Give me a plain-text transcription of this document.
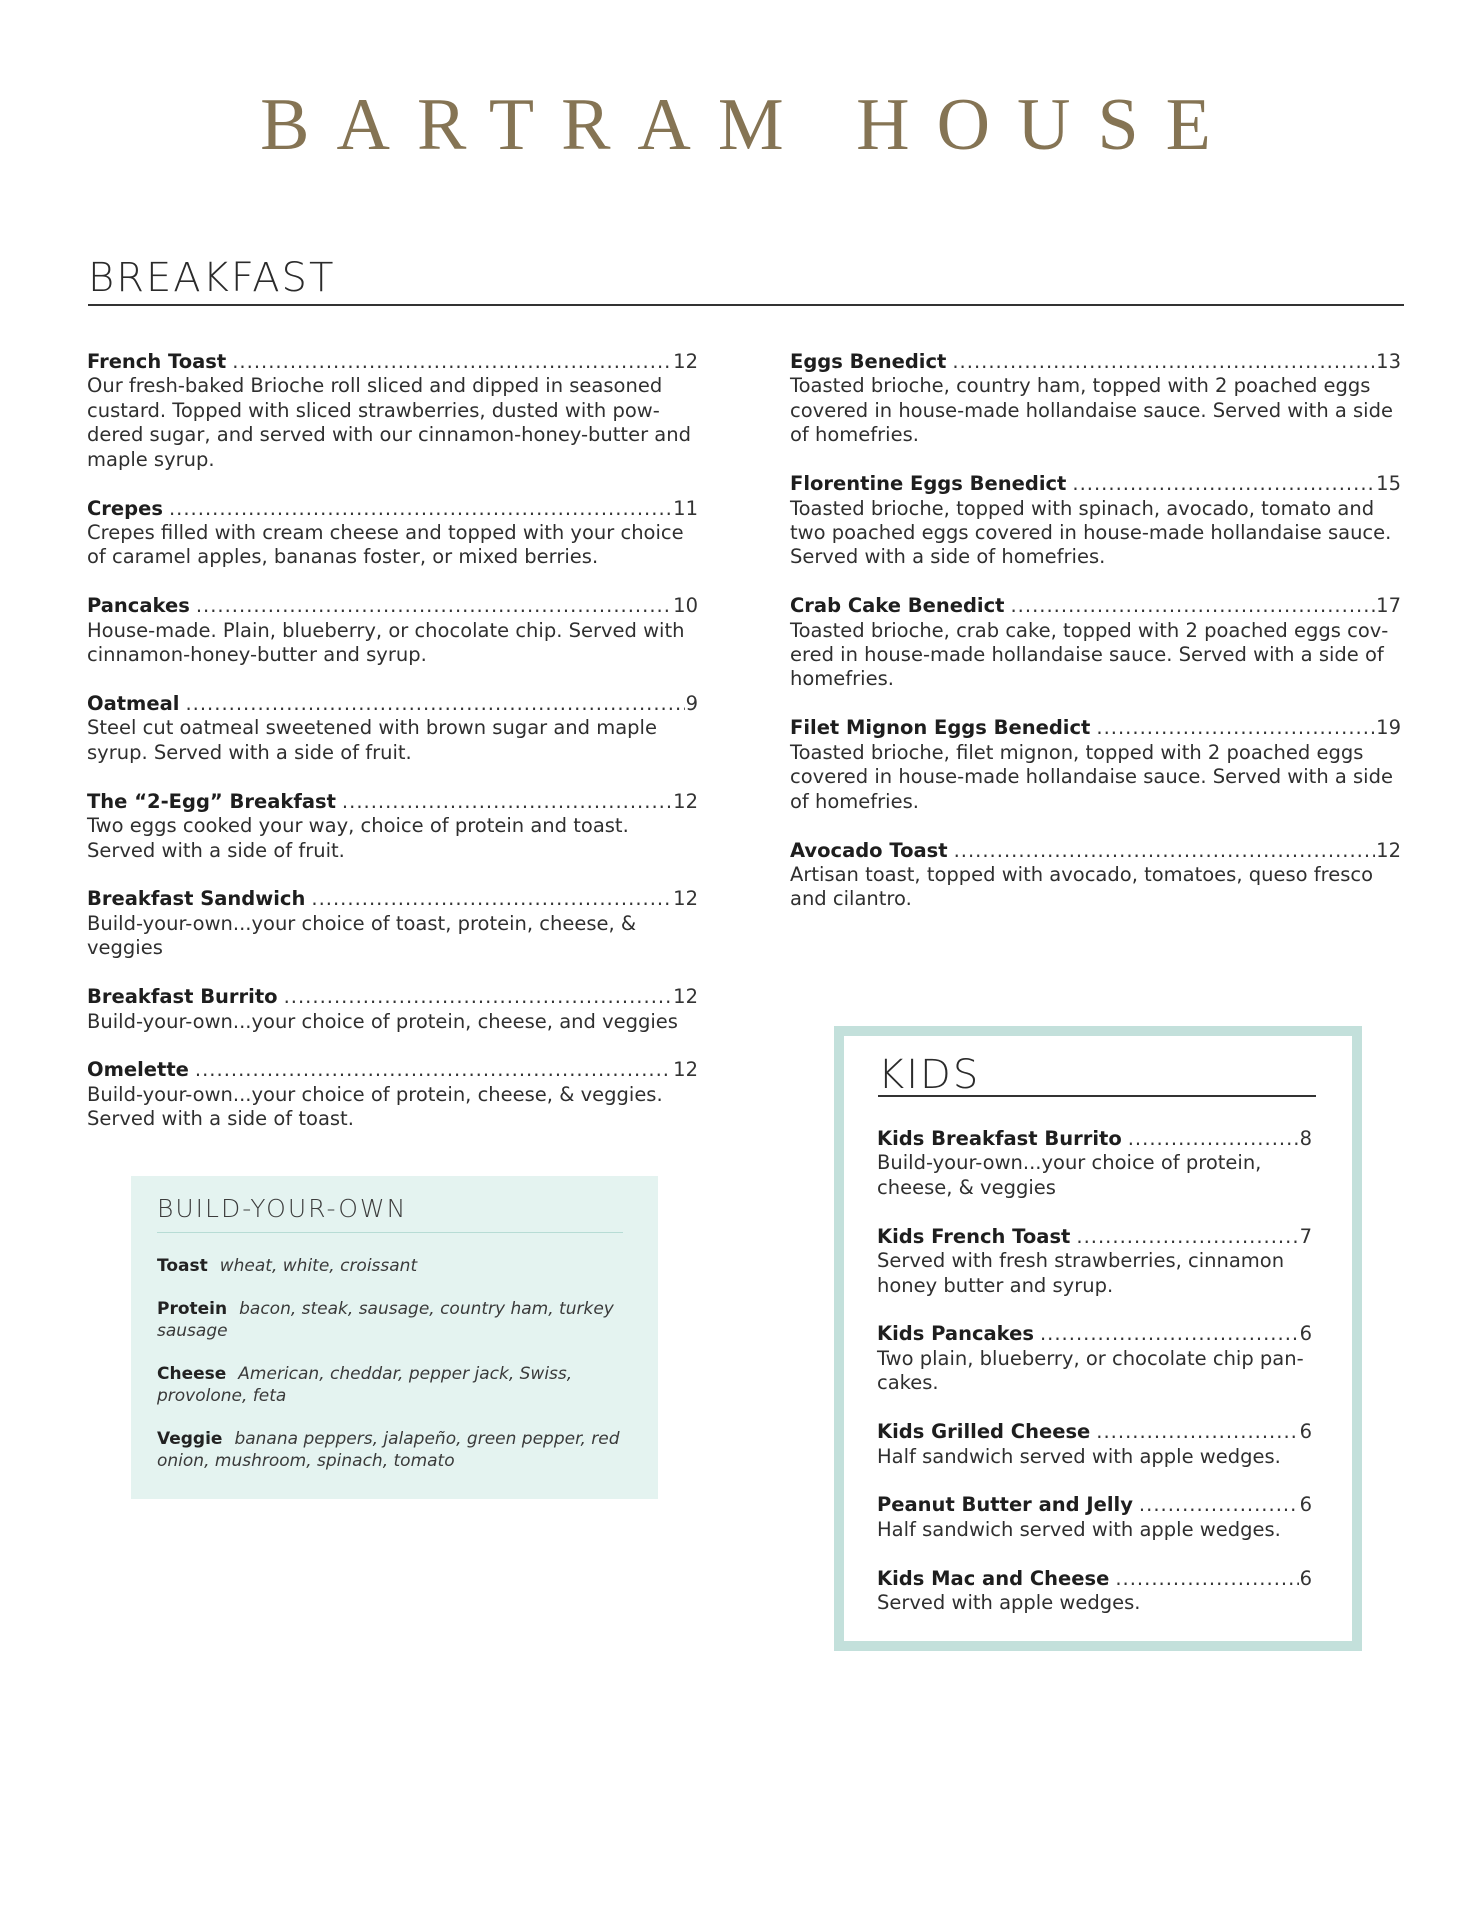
BARTRAM HOUSE
BREAKFAST
French Toast .....	12
Our fresh-baked Brioche roll sliced and dipped in seasoned custard. Topped with sliced strawberries, dusted with powdered sugar, and served with our cinnamon-honey-butter and maple syrup.
Crepes .....	11
Crepes filled with cream cheese and topped with your choice of caramel apples, bananas foster, or mixed berries.
Pancakes .....	10
House-made. Plain, blueberry, or chocolate chip. Served with cinnamon-honey-butter and syrup.
Oatmeal .....	9
Steel cut oatmeal sweetened with brown sugar and maple syrup. Served with a side of fruit.
The “2-Egg” Breakfast .....	12
Two eggs cooked your way, choice of protein and toast. Served with a side of fruit.
Breakfast Sandwich .....	12
Build-your-own...your choice of toast, protein, cheese, & veggies
Breakfast Burrito .....	12
Build-your-own...your choice of protein, cheese, and veggies
Omelette .....	12
Build-your-own...your choice of protein, cheese, & veggies. Served with a side of toast.
Eggs Benedict .....	13
Toasted brioche, country ham, topped with 2 poached eggs covered in house-made hollandaise sauce. Served with a side of homefries.
Florentine Eggs Benedict .....	15
Toasted brioche, topped with spinach, avocado, tomato and two poached eggs covered in house-made hollandaise sauce. Served with a side of homefries.
Crab Cake Benedict .....	17
Toasted brioche, crab cake, topped with 2 poached eggs covered in house-made hollandaise sauce. Served with a side of homefries.
Filet Mignon Eggs Benedict .....	19
Toasted brioche, filet mignon, topped with 2 poached eggs covered in house-made hollandaise sauce. Served with a side of homefries.
Avocado Toast .....	12
Artisan toast, topped with avocado, tomatoes, queso fresco and cilantro.
BUILD-YOUR-OWN
Toast wheat, white, croissant
Protein bacon, steak, sausage, country ham, turkey sausage
Cheese American, cheddar, pepper jack, Swiss, provolone, feta
Veggie banana peppers, jalapeño, green pepper, red onion, mushroom, spinach, tomato
KIDS
Kids Breakfast Burrito .....	8
Build-your-own...your choice of protein, cheese, & veggies
Kids French Toast .....	7
Served with fresh strawberries, cinnamon honey butter and syrup.
Kids Pancakes .....	6
Two plain, blueberry, or chocolate chip pancakes.
Kids Grilled Cheese .....	6
Half sandwich served with apple wedges.
Peanut Butter and Jelly .....	6
Half sandwich served with apple wedges.
Kids Mac and Cheese .....	6
Served with apple wedges.
